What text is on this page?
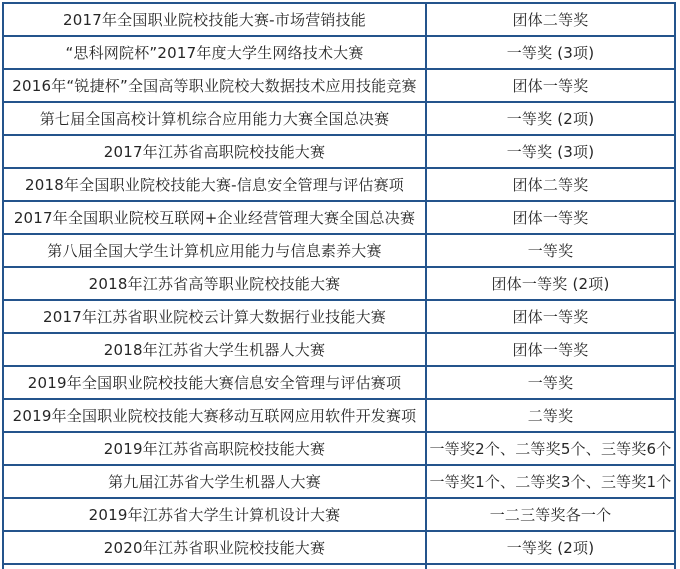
2017年全国职业院校技能大赛-市场营销技能	团体二等奖
“思科网院杯”2017年度大学生网络技术大赛	一等奖 (3项)
2016年“锐捷杯”全国高等职业院校大数据技术应用技能竞赛	团体一等奖
第七届全国高校计算机综合应用能力大赛全国总决赛	一等奖 (2项)
2017年江苏省高职院校技能大赛	一等奖 (3项)
2018年全国职业院校技能大赛-信息安全管理与评估赛项	团体二等奖
2017年全国职业院校互联网+企业经营管理大赛全国总决赛	团体一等奖
第八届全国大学生计算机应用能力与信息素养大赛	一等奖
2018年江苏省高等职业院校技能大赛	团体一等奖 (2项)
2017年江苏省职业院校云计算大数据行业技能大赛	团体一等奖
2018年江苏省大学生机器人大赛	团体一等奖
2019年全国职业院校技能大赛信息安全管理与评估赛项	一等奖
2019年全国职业院校技能大赛移动互联网应用软件开发赛项	二等奖
2019年江苏省高职院校技能大赛	一等奖2个、二等奖5个、三等奖6个
第九届江苏省大学生机器人大赛	一等奖1个、二等奖3个、三等奖1个
2019年江苏省大学生计算机设计大赛	一二三等奖各一个
2020年江苏省职业院校技能大赛	一等奖 (2项)
